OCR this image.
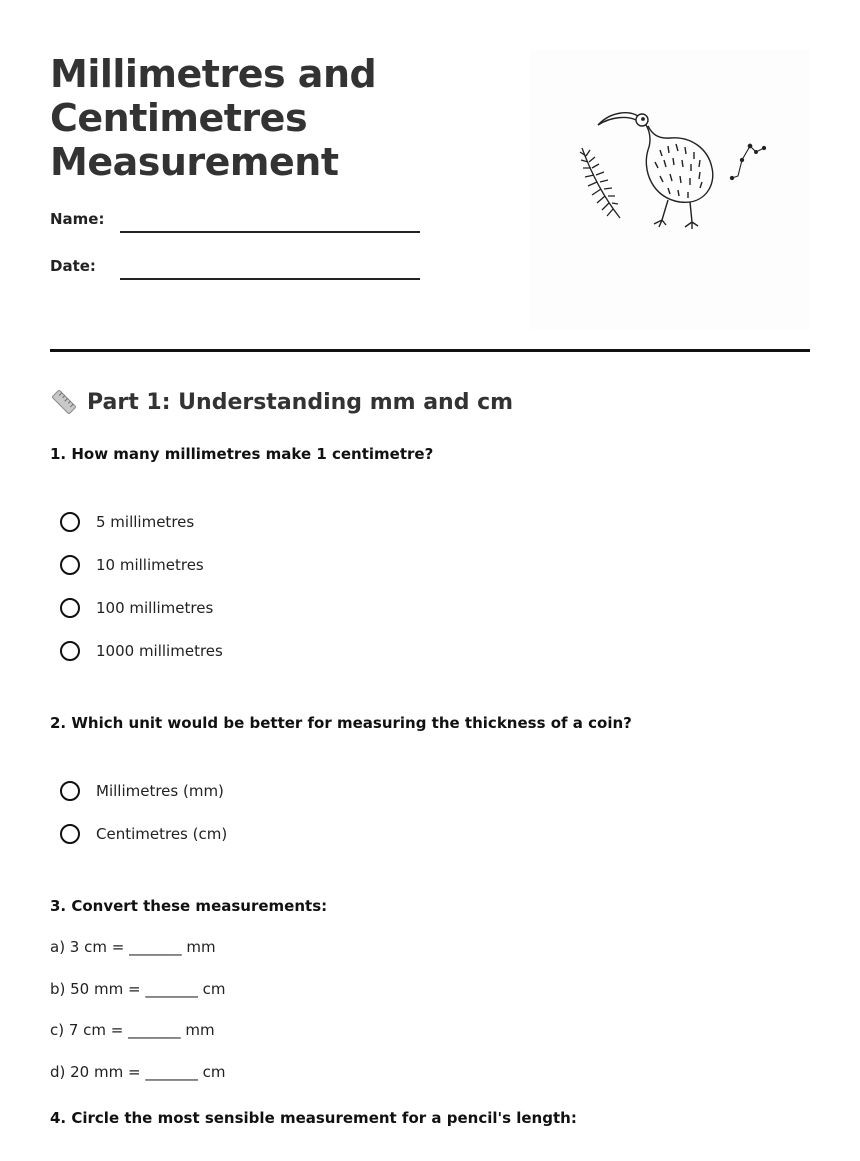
Millimetres and
Centimetres
Measurement
Name:
Date:
Part 1: Understanding mm and cm
1. How many millimetres make 1 centimetre?
5 millimetres
10 millimetres
100 millimetres
1000 millimetres
2. Which unit would be better for measuring the thickness of a coin?
Millimetres (mm)
Centimetres (cm)
3. Convert these measurements:
a) 3 cm = _______ mm
b) 50 mm = _______ cm
c) 7 cm = _______ mm
d) 20 mm = _______ cm
4. Circle the most sensible measurement for a pencil's length:
